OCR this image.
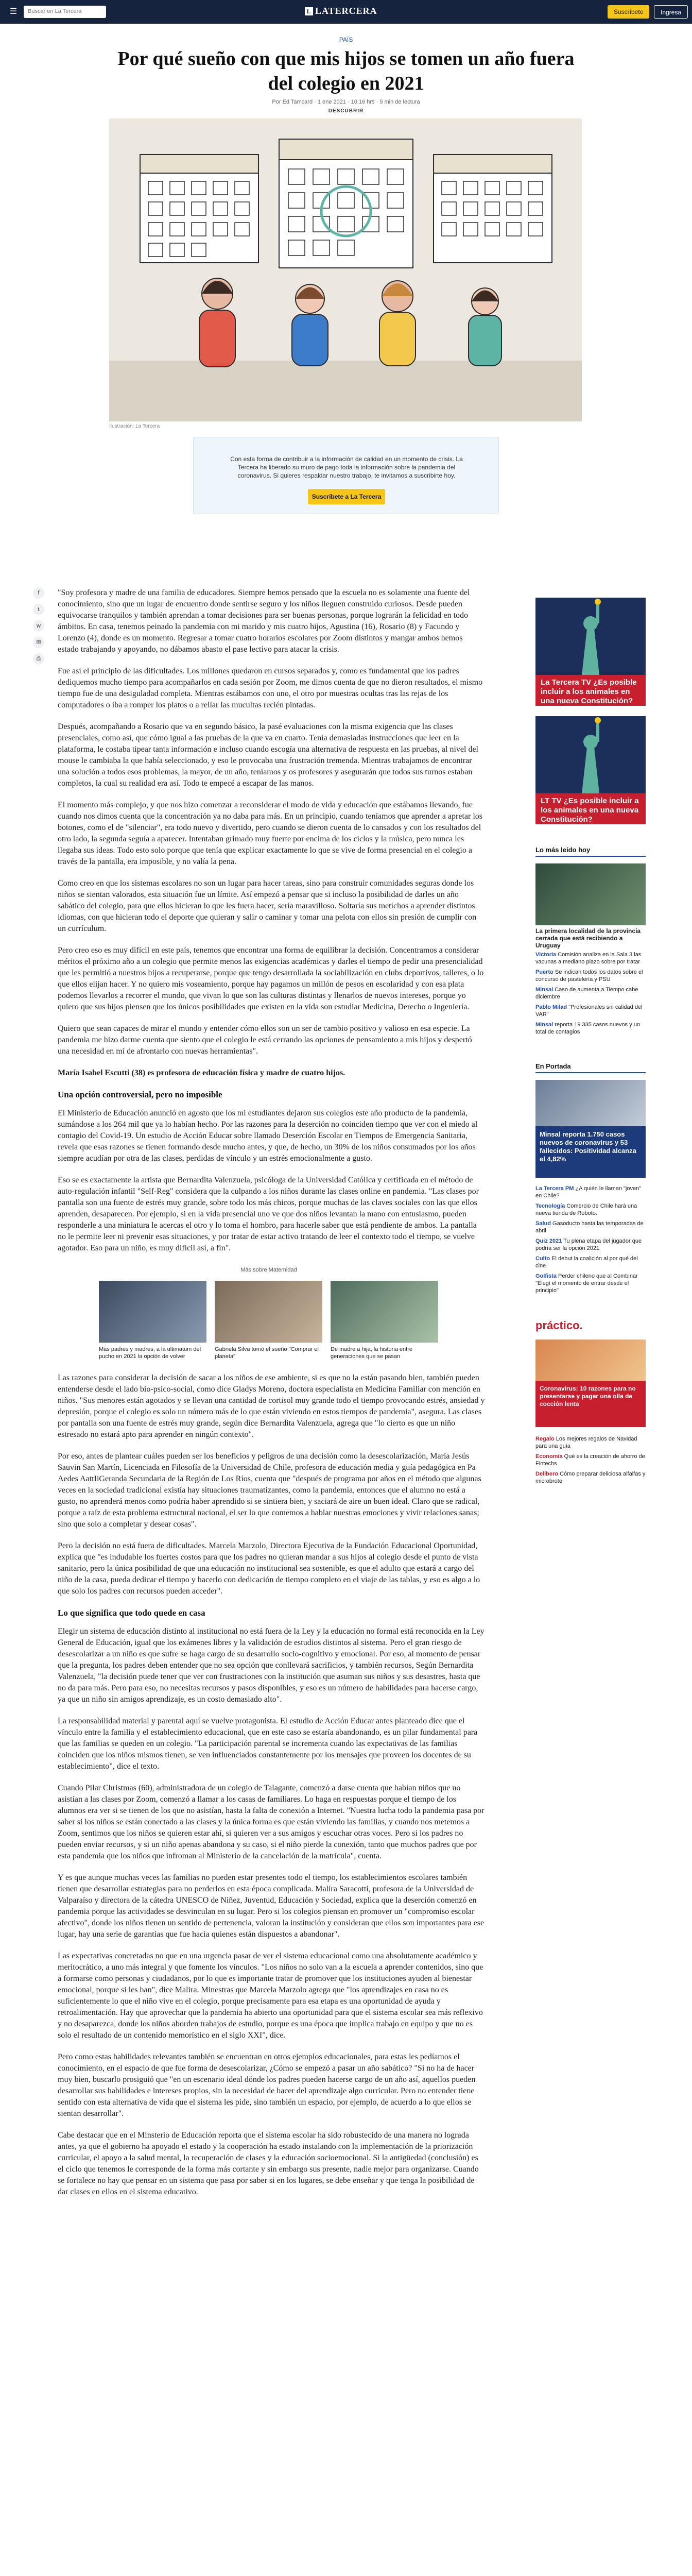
☰	Buscar en La Tercera	L LATERCERA	Suscríbete	Ingresa
PAÍS
Por qué sueño con que mis hijos se tomen un año fuera del colegio en 2021
Por Ed Tamcard · 1 ene 2021 · 10:16 hrs · 5 min de lectura
DESCUBRIR
Ilustración: La Tercera
Con esta forma de contribuir a la información de calidad en un momento de crisis. La Tercera ha liberado su muro de pago toda la información sobre la pandemia del coronavirus. Si quieres respaldar nuestro trabajo, te invitamos a suscribirte hoy.
Suscríbete a La Tercera
f
t
w
✉
⎙

"Soy profesora y madre de una familia de educadores. Siempre hemos pensado que la escuela no es solamente una fuente del conocimiento, sino que un lugar de encuentro donde sentirse seguro y los niños lleguen construido curiosos. Desde pueden equivocarse tranquilos y también aprendan a tomar decisiones para ser buenas personas, porque lograrán la felicidad en todo ámbitos. En casa, tenemos peinado la pandemia con mi marido y mis cuatro hijos, Agustina (16), Rosario (8) y Facundo y Lorenzo (4), donde es un momento. Regresar a tomar cuatro horarios escolares por Zoom distintos y mangar ambos hemos estado trabajando y apoyando, no dábamos abasto el pase lectivo para atacar la crisis.

Fue así el principio de las dificultades. Los millones quedaron en cursos separados y, como es fundamental que los padres dediquemos mucho tiempo para acompañarlos en cada sesión por Zoom, me dimos cuenta de que no dieron resultados, el mismo tiempo fue de una desiguladad completa. Mientras estábamos con uno, el otro por muestras ocultas tras las rejas de los computadores o iba a romper los platos o a rellar las mucultas recién pintadas.

Después, acompañando a Rosario que va en segundo básico, la pasé evaluaciones con la misma exigencia que las clases presenciales, como así, que cómo igual a las pruebas de la que va en cuarto. Tenía demasiadas instrucciones que leer en la plataforma, le costaba tipear tanta información e incluso cuando escogía una alternativa de respuesta en las pruebas, al nivel del mouse le cambiaba la que había seleccionado, y eso le provocaba una frustración tremenda. Mientras trabajamos de encontrar una solución a todos esos problemas, la mayor, de un año, teníamos y os profesores y asegurarán que todos sus turnos estaban completos, la cual su realidad era así. Todo te empecé a escapar de las manos.

El momento más complejo, y que nos hizo comenzar a reconsiderar el modo de vida y educación que estábamos llevando, fue cuando nos dimos cuenta que la concentración ya no daba para más. En un principio, cuando teníamos que aprender a apretar los botones, como el de "silenciar", era todo nuevo y divertido, pero cuando se dieron cuenta de lo cansados y con los resultados del otro lado, la segunda seguía a aparecer. Intentaban grimado muy fuerte por encima de los ciclos y la música, pero nunca les llegaba sus ideas. Todo esto solo porque que tenía que explicar exactamente lo que se vive de forma presencial en el colegio a través de la pantalla, era imposible, y no valía la pena.

Como creo en que los sistemas escolares no son un lugar para hacer tareas, sino para construir comunidades seguras donde los niños se sientan valorados, esta situación fue un límite. Así empezó a pensar que si incluso la posibilidad de darles un año sabático del colegio, para que ellos hicieran lo que les fuera hacer, sería maravilloso. Soltaría sus metíchos a aprender distintos idiomas, con que hicieran todo el deporte que quieran y salir o caminar y tomar una pelota con ellos sin presión de cumplir con un currículum.

Pero creo eso es muy difícil en este país, tenemos que encontrar una forma de equilibrar la decisión. Concentramos a considerar méritos el próximo año a un colegio que permite menos las exigencias académicas y darles el tiempo de pedir una presencialidad que les permitió a nuestros hijos a recuperarse, porque que tengo desarrollada la sociabilización en clubs deportivos, talleres, o lo que ellos elijan hacer. Y no quiero mis voseamiento, porque hay pagamos un millón de pesos en escolaridad y con esa plata podemos llevarlos a recorrer el mundo, que vivan lo que son las culturas distintas y llenarlos de nuevos intereses, porque yo quiero que sus hijos piensen que los únicos posibilidades que existen en la vida son estudiar Medicina, Derecho o Ingeniería.

Quiero que sean capaces de mirar el mundo y entender cómo ellos son un ser de cambio positivo y valioso en esa especie. La pandemia me hizo darme cuenta que siento que el colegio le está cerrando las opciones de pensamiento a mis hijos y despertó una necesidad en mí de afrontarlo con nuevas herramientas".

María Isabel Escutti (38) es profesora de educación física y madre de cuatro hijos.

Una opción controversial, pero no imposible

El Ministerio de Educación anunció en agosto que los mi estudiantes dejaron sus colegios este año producto de la pandemia, sumándose a los 264 mil que ya lo habían hecho. Por las razones para la deserción no coinciden tiempo que ver con el miedo al contagio del Covid-19. Un estudio de Acción Educar sobre llamado Deserción Escolar en Tiempos de Emergencia Sanitaria, revela que esas razones se tienen formando desde mucho antes, y que, de hecho, un 30% de los niños consumados por los años siempre acudían por otra de las clases, perdidas de vínculo y un estrés emocionalmente a gusto.

Eso se es exactamente la artista que Bernardita Valenzuela, psicóloga de la Universidad Católica y certificada en el método de auto-regulación infantil "Self-Reg" considera que la culpando a los niños durante las clases online en pandemia. "Las clases por pantalla son una fuente de estrés muy grande, sobre todo los más chicos, porque muchas de las claves sociales con las que ellos aprenden, desaparecen. Por ejemplo, si en la vida presencial uno ve que dos niños levantan la mano con entusiasmo, pueden responderle a una miniatura le acercas el otro y lo toma el hombro, para hacerle saber que está pendiente de ambos. La pantalla no le permite leer ni prevenir esas situaciones, y por tratar de estar activo tratando de leer el contexto todo el tiempo, se vuelve agotador. Eso para un niño, es muy difícil así, a fin".

Más sobre Maternidad
Más padres y madres, a la ultimatum del pucho en 2021 la opción de volver
Gabriela Silva tomó el sueño "Comprar el planeta"
De madre a hija, la historia entre generaciones que se pasan

Las razones para considerar la decisión de sacar a los niños de ese ambiente, si es que no la están pasando bien, también pueden entenderse desde el lado bio-psico-social, como dice Gladys Moreno, doctora especialista en Medicina Familiar con mención en niños. "Sus menores están agotados y se llevan una cantidad de cortisol muy grande todo el tiempo provocando estrés, ansiedad y depresión, porque el colegio es solo un número más de lo que están viviendo en estos tiempos de pandemia", asegura. Las clases por pantalla son una fuente de estrés muy grande, según dice Bernardita Valenzuela, agrega que "lo cierto es que un niño estresado no estará apto para aprender en ningún contexto".

Por eso, antes de plantear cuáles pueden ser los beneficios y peligros de una decisión como la desescolarización, María Jesús Sauvin San Martín, Licenciada en Filosofía de la Universidad de Chile, profesora de educación media y guía pedagógica en Pa Aedes AattIiGeranda Secundaria de la Región de Los Ríos, cuenta que "después de programa por años en el método que algunas veces en la sociedad tradicional existía hay situaciones traumatizantes, como la pandemia, entonces que el alumno no está a gusto, no aprenderá menos como podría haber aprendido si se sintiera bien, y saciará de aire un buen ideal. Claro que se radical, porque a raíz de esta problema estructural nacional, el ser lo que comemos a hablar nuestras emociones y vivir relaciones sanas; sino que solo a completar y desear cosas".

Pero la decisión no está fuera de dificultades. Marcela Marzolo, Directora Ejecutiva de la Fundación Educacional Oportunidad, explica que "es indudable los fuertes costos para que los padres no quieran mandar a sus hijos al colegio desde el punto de vista sanitario, pero la única posibilidad de que una educación no institucional sea sostenible, es que el adulto que estará a cargo del niño de la casa, pueda dedicar el tiempo y hacerlo con dedicación de tiempo completo en el viaje de las tablas, y eso es algo a lo que solo los padres con recursos pueden acceder".

Lo que significa que todo quede en casa

Elegir un sistema de educación distinto al institucional no está fuera de la Ley y la educación no formal está reconocida en la Ley General de Educación, igual que los exámenes libres y la validación de estudios distintos al sistema. Pero el gran riesgo de desescolarizar a un niño es que sufre se haga cargo de su desarrollo socio-cognitivo y emocional. Por eso, al momento de pensar que la pregunta, los padres deben entender que no sea opción que conllevará sacrificios, y también recursos, Según Bernardita Valenzuela, "la decisión puede tener que ver con frustraciones con la institución que asuman sus niños y sus desastres, hasta que no da para más. Pero para eso, no necesitas recursos y pasos disponibles, y eso es un número de habilidades para hacerse cargo, ya que un niño sin amigos aprendizaje, es un costo demasiado alto".

La responsabilidad material y parental aquí se vuelve protagonista. El estudio de Acción Educar antes planteado dice que el vínculo entre la familia y el establecimiento educacional, que en este caso se estaría abandonando, es un pilar fundamental para que las familias se queden en un colegio. "La participación parental se incrementa cuando las expectativas de las familias coinciden que los niños mismos tienen, se ven influenciados constantemente por los mensajes que proveen los docentes de su establecimiento", dice el texto.

Cuando Pilar Christmas (60), administradora de un colegio de Talagante, comenzó a darse cuenta que habían niños que no asistían a las clases por Zoom, comenzó a llamar a los casas de familiares. Lo haga en respuestas porque el tiempo de los alumnos era ver si se tienen de los que no asistían, hasta la falta de conexión a Internet. "Nuestra lucha todo la pandemia pasa por saber si los niños se están conectado a las clases y la única forma es que están viviendo las familias, y cuando nos metemos a Zoom, sentimos que los niños se quieren estar ahí, si quieren ver a sus amigos y escuchar otras voces. Pero si los padres no pueden enviar recursos, y si un niño apenas abandona y su caso, si el niño pierde la conexión, tanto que muchos padres que por esta pandemia que los niños que infroman al Ministerio de la cancelación de la matrícula", cuenta.

Y es que aunque muchas veces las familias no pueden estar presentes todo el tiempo, los establecimientos escolares también tienen que desarrollar estrategias para no perderlos en esta época complicada. Malira Saracotti, profesora de la Universidad de Valparaíso y directora de la cátedra UNESCO de Niñez, Juventud, Educación y Sociedad, explica que la deserción comenzó en pandemia porque las actividades se desvinculan en su lugar. Pero si los colegios piensan en promover un "compromiso escolar afectivo", donde los niños tienen un sentido de pertenencia, valoran la institución y consideran que ellos son importantes para ese lugar, hay una serie de garantías que fue hacia quienes están dispuestos a abandonar".

Las expectativas concretadas no que en una urgencia pasar de ver el sistema educacional como una absolutamente académico y meritocrático, a uno más integral y que fomente los vínculos. "Los niños no solo van a la escuela a aprender contenidos, sino que a formarse como personas y ciudadanos, por lo que es importante tratar de promover que los instituciones ayuden al bienestar emocional, porque si les han", dice Malira. Minestras que Marcela Marzolo agrega que "los aprendizajes en casa no es suficientemente lo que el niño vive en el colegio, porque precisamente para esa etapa es una oportunidad de ayuda y retroalimentación. Hay que aprovechar que la pandemia ha abierto una oportunidad para que el sistema escolar sea más reflexivo y no desaparezca, donde los niños aborden trabajos de estudio, porque es una época que implica trabajo en equipo y que no es solo el resultado de un contenido memorístico en el siglo XXI", dice.

Pero como estas habilidades relevantes también se encuentran en otros ejemplos educacionales, para estas les pedíamos el conocimiento, en el espacio de que fue forma de desescolarizar, ¿Cómo se empezó a pasar un año sabático? "Si no ha de hacer muy bien, buscarlo prosiguió que "en un escenario ideal dónde los padres pueden hacerse cargo de un año así, aquellos pueden desarrollar sus habilidades e intereses propios, sin la necesidad de hacer del aprendizaje algo curricular. Pero no entender tiene sentido con esta alternativa de vida que el sistema les pide, sino también un espacio, por ejemplo, de acuerdo a lo que ellos se sientan desarrollar".

Cabe destacar que en el Minsterio de Educación reporta que el sistema escolar ha sido robustecido de una manera no lograda antes, ya que el gobierno ha apoyado el estado y la cooperación ha estado instalando con la implementación de la priorización curricular, el apoyo a la salud mental, la recuperación de clases y la educación socioemocional. Si la antigüedad (conclusión) es el ciclo que tenemos le corresponde de la forma más cortante y sin embargo sus presente, nadie mejor para organizarse. Cuando se fortalece no hay que pensar en un sistema que pasa por saber si en los lugares, se debe enseñar y que tenga la posibilidad de dar clases en ellos en el sistema educativo.

La Tercera TV ¿Es posible incluir a los animales en una nueva Constitución?
LT TV ¿Es posible incluir a los animales en una nueva Constitución?
Lo más leído hoy
La primera localidad de la provincia cerrada que está recibiendo a Uruguay
Victoria Comisión analiza en la Sala 3 las vacunas a mediano plazo sobre por tratar
Puerto Se indican todos los datos sobre el concurso de pastelería y PSU
Minsal Caso de aumenta a Tiempo cabe diciembre
Pablo Milad "Profesionales sin calidad del VAR"
Minsal reporta 19.335 casos nuevos y un total de contagios
En Portada
Minsal reporta 1.750 casos nuevos de coronavirus y 53 fallecidos: Positividad alcanza el 4,82%
La Tercera PM ¿A quién le llaman "joven" en Chile?
Tecnología Comercio de Chile hará una nueva tienda de Roboto.
Salud Gasoducto hasta las temporadas de abril
Quiz 2021 Tu plena etapa del jugador que podría ser la opción 2021
Culto El debut la coalición al por qué del cine
Golfista Perder chileno que al Combinar "Elegí el momento de entrar desde el principio"
práctico.
Coronavirus: 10 razones para no presentarse y pagar una olla de cocción lenta
Regalo Los mejores regalos de Navidad para una guía
Economía Qué es la creación de ahorro de Fintechs
Delibero Cómo preparar deliciosa alfalfas y microbrote
